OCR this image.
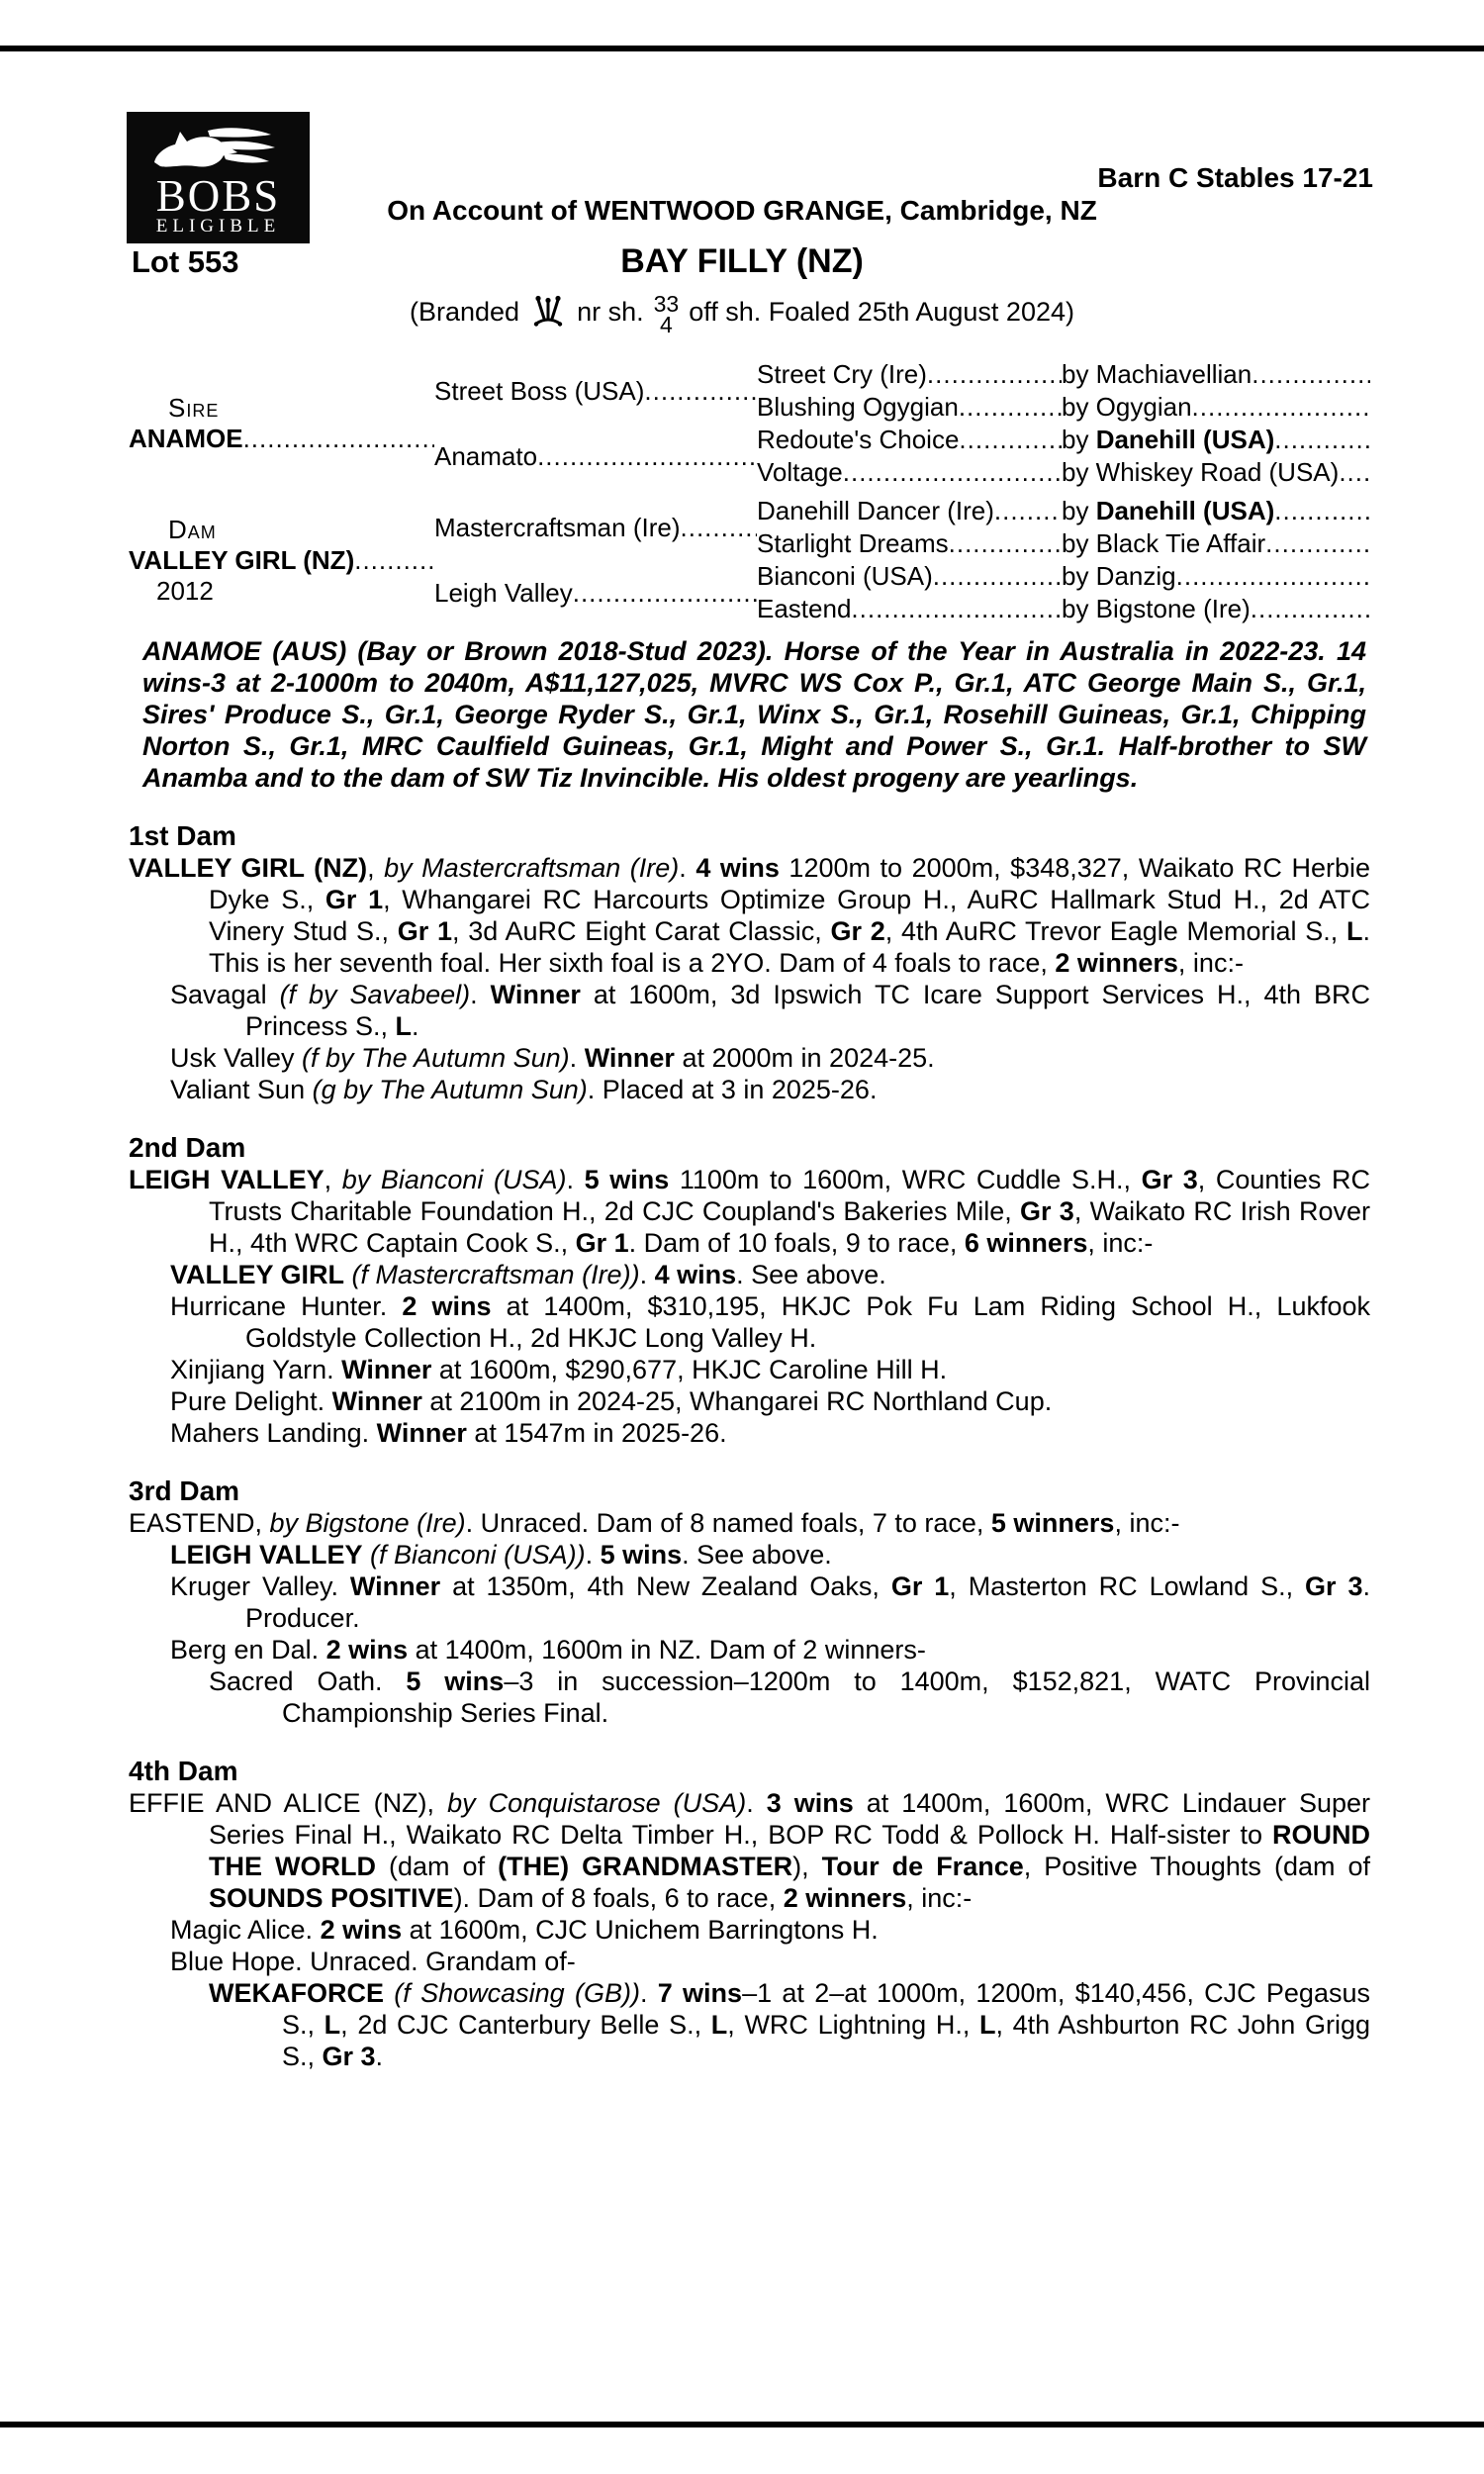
BOBS
ELIGIBLE
Barn C Stables 17-21
On Account of WENTWOOD GRANGE, Cambridge, NZ
Lot 553	BAY FILLY (NZ)
(Branded nr sh. 33
4 off sh. Foaled 25th August 2024)
Sire
ANAMOE
.....
Dam
VALLEY GIRL (NZ)
.....
2012
Street Boss (USA)
.....
Anamato
.....
Mastercraftsman (Ire)
.....
Leigh Valley
.....
Street Cry (Ire)
.....
Blushing Ogygian
.....
Redoute's Choice
.....
Voltage
.....
Danehill Dancer (Ire)
.....
Starlight Dreams
.....
Bianconi (USA)
.....
Eastend
.....
by Machiavellian
.....
by Ogygian
.....
by Danehill (USA)
.....
by Whiskey Road (USA)
.....
by Danehill (USA)
.....
by Black Tie Affair
.....
by Danzig
.....
by Bigstone (Ire)
.....

ANAMOE (AUS) (Bay or Brown 2018-Stud 2023). Horse of the Year in Australia in 2022-23. 14 wins-3 at 2-1000m to 2040m, A$11,127,025, MVRC WS Cox P., Gr.1, ATC George Main S., Gr.1, Sires' Produce S., Gr.1, George Ryder S., Gr.1, Winx S., Gr.1, Rosehill Guineas, Gr.1, Chipping Norton S., Gr.1, MRC Caulfield Guineas, Gr.1, Might and Power S., Gr.1. Half-brother to SW Anamba and to the dam of SW Tiz Invincible. His oldest progeny are yearlings.

1st Dam

VALLEY GIRL (NZ), by Mastercraftsman (Ire). 4 wins 1200m to 2000m, $348,327, Waikato RC Herbie Dyke S., Gr 1, Whangarei RC Harcourts Optimize Group H., AuRC Hallmark Stud H., 2d ATC Vinery Stud S., Gr 1, 3d AuRC Eight Carat Classic, Gr 2, 4th AuRC Trevor Eagle Memorial S., L. This is her seventh foal. Her sixth foal is a 2YO. Dam of 4 foals to race, 2 winners, inc:-

Savagal (f by Savabeel). Winner at 1600m, 3d Ipswich TC Icare Support Services H., 4th BRC Princess S., L.

Usk Valley (f by The Autumn Sun). Winner at 2000m in 2024-25.

Valiant Sun (g by The Autumn Sun). Placed at 3 in 2025-26.

2nd Dam

LEIGH VALLEY, by Bianconi (USA). 5 wins 1100m to 1600m, WRC Cuddle S.H., Gr 3, Counties RC Trusts Charitable Foundation H., 2d CJC Coupland's Bakeries Mile, Gr 3, Waikato RC Irish Rover H., 4th WRC Captain Cook S., Gr 1. Dam of 10 foals, 9 to race, 6 winners, inc:-

VALLEY GIRL (f Mastercraftsman (Ire)). 4 wins. See above.

Hurricane Hunter. 2 wins at 1400m, $310,195, HKJC Pok Fu Lam Riding School H., Lukfook Goldstyle Collection H., 2d HKJC Long Valley H.

Xinjiang Yarn. Winner at 1600m, $290,677, HKJC Caroline Hill H.

Pure Delight. Winner at 2100m in 2024-25, Whangarei RC Northland Cup.

Mahers Landing. Winner at 1547m in 2025-26.

3rd Dam

EASTEND, by Bigstone (Ire). Unraced. Dam of 8 named foals, 7 to race, 5 winners, inc:-

LEIGH VALLEY (f Bianconi (USA)). 5 wins. See above.

Kruger Valley. Winner at 1350m, 4th New Zealand Oaks, Gr 1, Masterton RC Lowland S., Gr 3. Producer.

Berg en Dal. 2 wins at 1400m, 1600m in NZ. Dam of 2 winners-

Sacred Oath. 5 wins–3 in succession–1200m to 1400m, $152,821, WATC Provincial Championship Series Final.

4th Dam

EFFIE AND ALICE (NZ), by Conquistarose (USA). 3 wins at 1400m, 1600m, WRC Lindauer Super Series Final H., Waikato RC Delta Timber H., BOP RC Todd & Pollock H. Half-sister to ROUND THE WORLD (dam of (THE) GRANDMASTER), Tour de France, Positive Thoughts (dam of SOUNDS POSITIVE). Dam of 8 foals, 6 to race, 2 winners, inc:-

Magic Alice. 2 wins at 1600m, CJC Unichem Barringtons H.

Blue Hope. Unraced. Grandam of-

WEKAFORCE (f Showcasing (GB)). 7 wins–1 at 2–at 1000m, 1200m, $140,456, CJC Pegasus S., L, 2d CJC Canterbury Belle S., L, WRC Lightning H., L, 4th Ashburton RC John Grigg S., Gr 3.
